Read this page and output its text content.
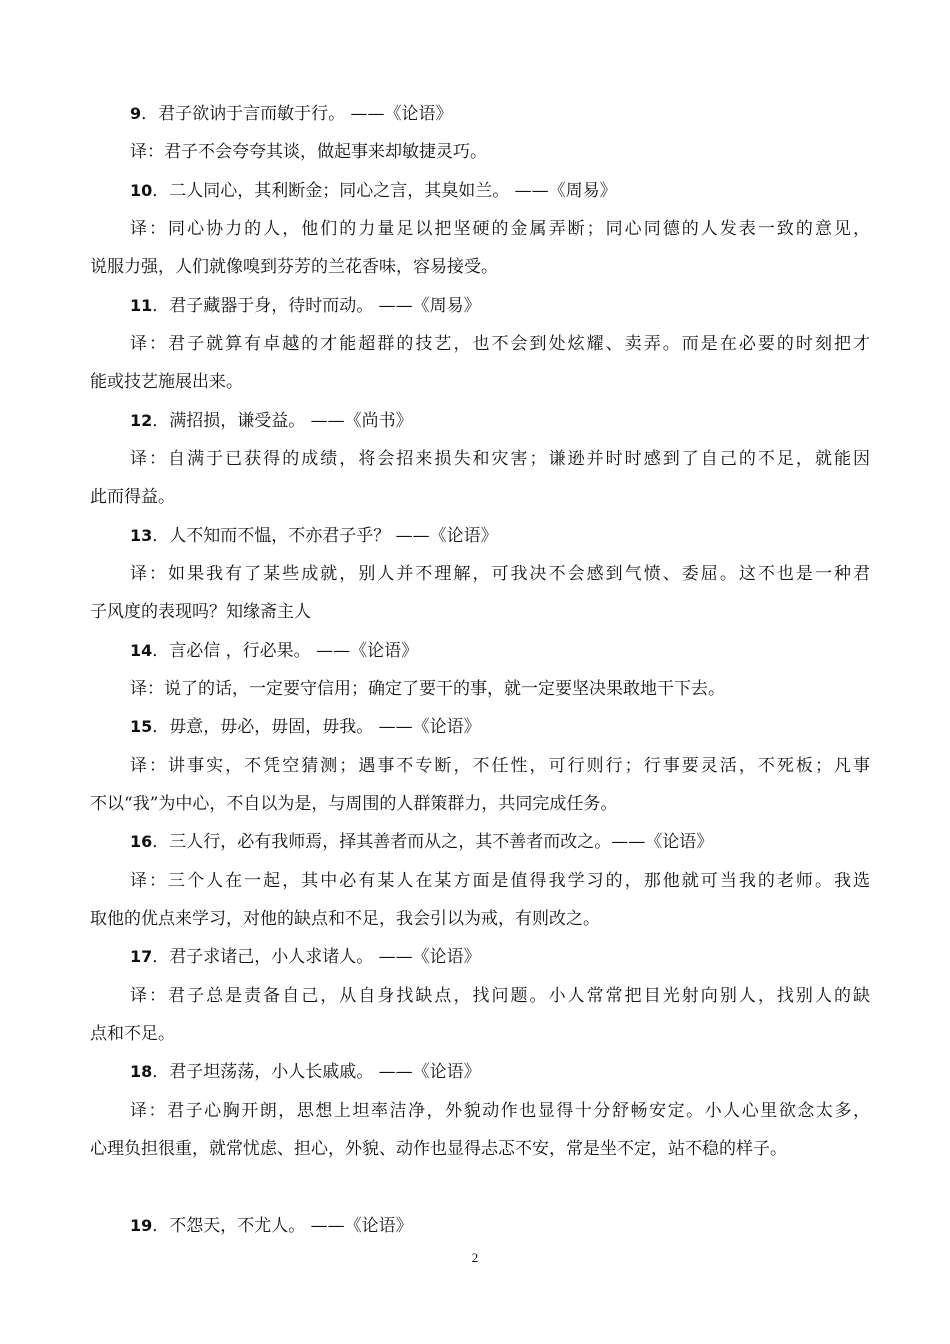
9．君子欲讷于言而敏于行。 ——《论语》
译：君子不会夸夸其谈，做起事来却敏捷灵巧。
10．二人同心，其利断金；同心之言，其臭如兰。 ——《周易》
译：同心协力的人，他们的力量足以把坚硬的金属弄断；同心同德的人发表一致的意见，
说服力强，人们就像嗅到芬芳的兰花香味，容易接受。
11．君子藏器于身，待时而动。 ——《周易》
译：君子就算有卓越的才能超群的技艺，也不会到处炫耀、卖弄。而是在必要的时刻把才
能或技艺施展出来。
12．满招损，谦受益。 ——《尚书》
译：自满于已获得的成绩，将会招来损失和灾害；谦逊并时时感到了自己的不足，就能因
此而得益。
13．人不知而不愠，不亦君子乎？ ——《论语》
译：如果我有了某些成就，别人并不理解，可我决不会感到气愤、委屈。这不也是一种君
子风度的表现吗？知缘斋主人
14．言必信 ，行必果。 ——《论语》
译：说了的话，一定要守信用；确定了要干的事，就一定要坚决果敢地干下去。
15．毋意，毋必，毋固，毋我。 ——《论语》
译：讲事实，不凭空猜测；遇事不专断，不任性，可行则行；行事要灵活，不死板；凡事
不以“我”为中心，不自以为是，与周围的人群策群力，共同完成任务。
16．三人行，必有我师焉，择其善者而从之，其不善者而改之。——《论语》
译：三个人在一起，其中必有某人在某方面是值得我学习的，那他就可当我的老师。我选
取他的优点来学习，对他的缺点和不足，我会引以为戒，有则改之。
17．君子求诸己，小人求诸人。 ——《论语》
译：君子总是责备自己，从自身找缺点，找问题。小人常常把目光射向别人，找别人的缺
点和不足。
18．君子坦荡荡，小人长戚戚。 ——《论语》
译：君子心胸开朗，思想上坦率洁净，外貌动作也显得十分舒畅安定。小人心里欲念太多，
心理负担很重，就常忧虑、担心，外貌、动作也显得忐忑不安，常是坐不定，站不稳的样子。
19．不怨天，不尤人。 ——《论语》
2
